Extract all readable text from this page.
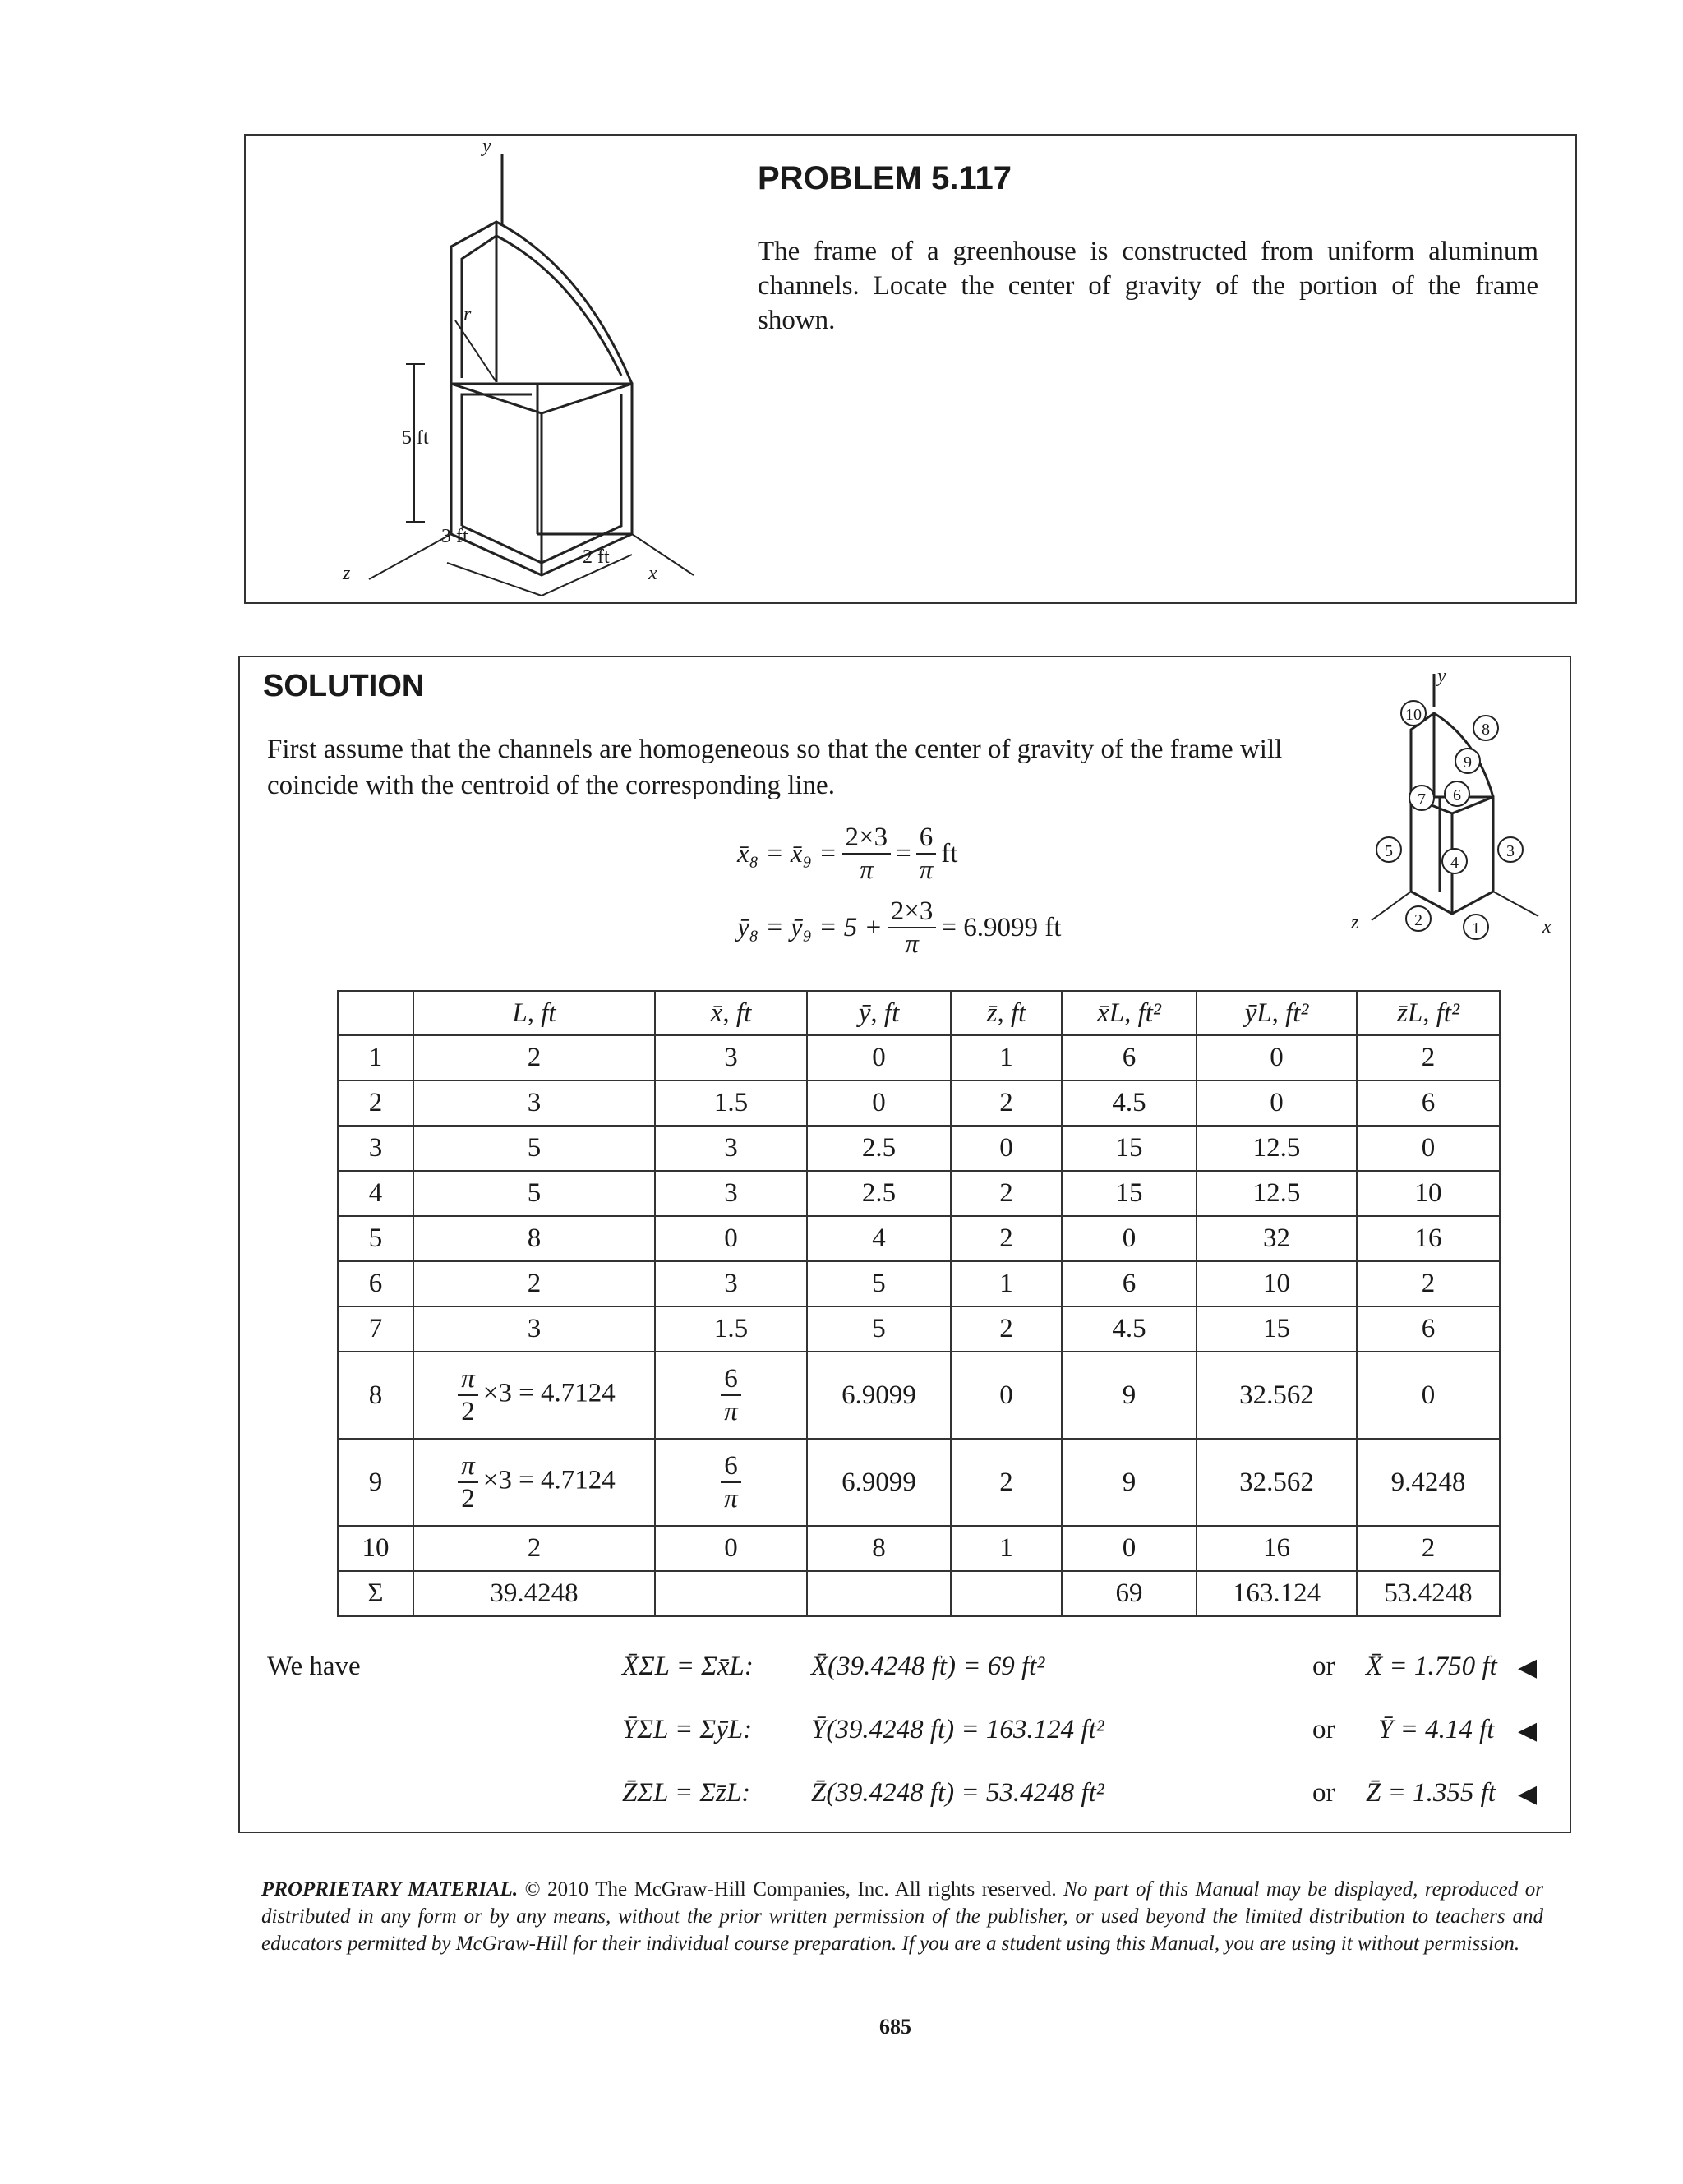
y
r
5 ft
3 ft
2 ft
x
z
PROBLEM 5.117
The frame of a greenhouse is constructed from uniform aluminum channels. Locate the center of gravity of the portion of the frame shown.
SOLUTION
First assume that the channels are homogeneous so that the center of gravity of the frame will coincide with the centroid of the corresponding line.
x̄₈ = x̄₉ = $\frac{2\times 3}{\pi} = \frac{6}{\pi}$ ft
ȳ₈ = ȳ₉ = $5 + \frac{2\times 3}{\pi} = 6.9099$ ft
10
8
9
6
7
5
4
3
2	1
y
z	x
	L, ft	x̄, ft	ȳ, ft	z̄, ft	x̄L, ft²	ȳL, ft²	z̄L, ft²
1	2	3	0	1	6	0	2
2	3	1.5	0	2	4.5	0	6
3	5	3	2.5	0	15	12.5	0
4	5	3	2.5	2	15	12.5	10
5	8	0	4	2	0	32	16
6	2	3	5	1	6	10	2
7	3	1.5	5	2	4.5	15	6
8	$\frac{\pi}{2} \times 3 = 4.7124$	$\frac{6}{\pi}$	6.9099	0	9	32.562	0
9	$\frac{\pi}{2} \times 3 = 4.7124$	$\frac{6}{\pi}$	6.9099	2	9	32.562	9.4248
10	2	0	8	1	0	16	2
Σ	39.4248				69	163.124	53.4248
We have	X̄ΣL = Σx̄L: X̄(39.4248 ft) = 69 ft²	or X̄ = 1.750 ft ◀
ȲΣL = ΣȳL: Ȳ(39.4248 ft) = 163.124 ft²	or Ȳ = 4.14 ft ◀
Z̄ΣL = Σz̄L: Z̄(39.4248 ft) = 53.4248 ft²	or Z̄ = 1.355 ft ◀
PROPRIETARY MATERIAL. © 2010 The McGraw-Hill Companies, Inc. All rights reserved. No part of this Manual may be displayed, reproduced or distributed in any form or by any means, without the prior written permission of the publisher, or used beyond the limited distribution to teachers and educators permitted by McGraw-Hill for their individual course preparation. If you are a student using this Manual, you are using it without permission.
685
